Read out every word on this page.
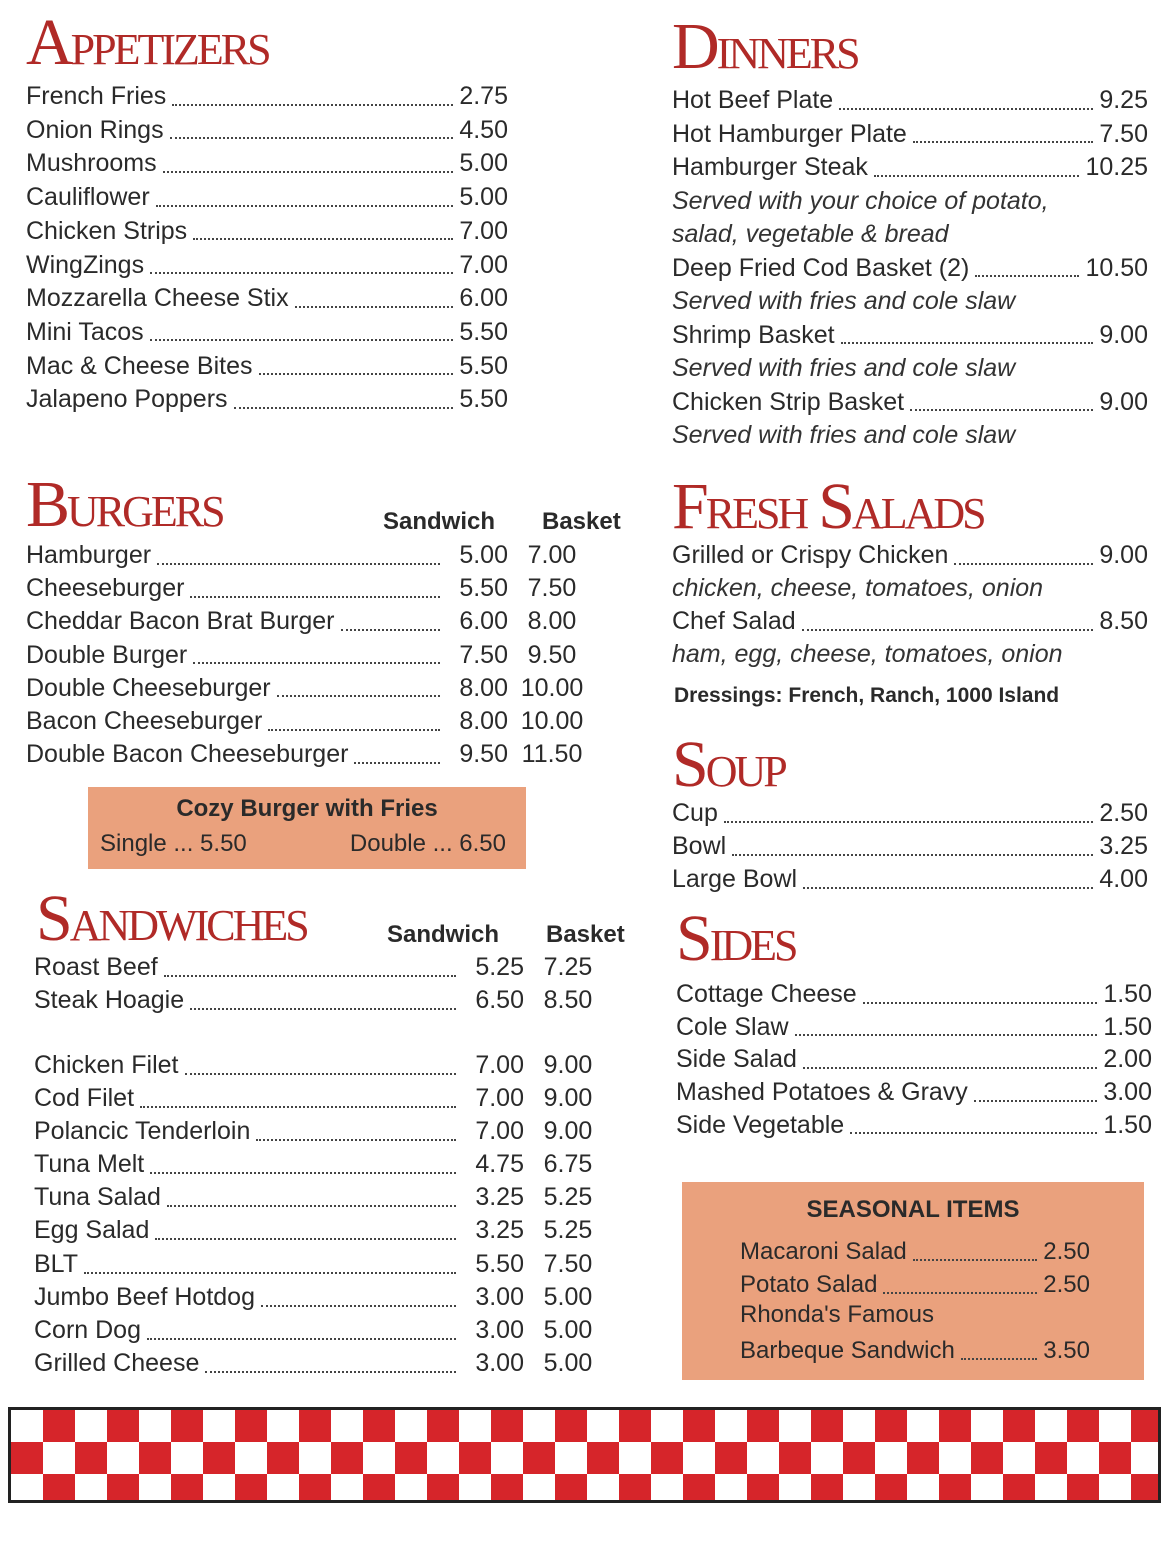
APPETIZERS
French Fries	2.75
Onion Rings	4.50
Mushrooms	5.00
Cauliflower	5.00
Chicken Strips	7.00
WingZings	7.00
Mozzarella Cheese Stix	6.00
Mini Tacos	5.50
Mac & Cheese Bites	5.50
Jalapeno Poppers	5.50
BURGERS	Sandwich Basket
Hamburger	5.00 7.00
Cheeseburger	5.50 7.50
Cheddar Bacon Brat Burger	6.00 8.00
Double Burger	7.50 9.50
Double Cheeseburger	8.00 10.00
Bacon Cheeseburger	8.00 10.00
Double Bacon Cheeseburger	9.50 11.50
Cozy Burger with Fries
Single ... 5.50	Double ... 6.50
SANDWICHES	Sandwich Basket
Roast Beef	5.25 7.25
Steak Hoagie	6.50 8.50
Chicken Filet	7.00 9.00
Cod Filet	7.00 9.00
Polancic Tenderloin	7.00 9.00
Tuna Melt	4.75 6.75
Tuna Salad	3.25 5.25
Egg Salad	3.25 5.25
BLT	5.50 7.50
Jumbo Beef Hotdog	3.00 5.00
Corn Dog	3.00 5.00
Grilled Cheese	3.00 5.00
DINNERS
Hot Beef Plate	9.25
Hot Hamburger Plate	7.50
Hamburger Steak	10.25
Served with your choice of potato,
salad, vegetable & bread
Deep Fried Cod Basket (2)	10.50
Served with fries and cole slaw
Shrimp Basket	9.00
Served with fries and cole slaw
Chicken Strip Basket	9.00
Served with fries and cole slaw
FRESH SALADS
Grilled or Crispy Chicken	9.00
chicken, cheese, tomatoes, onion
Chef Salad	8.50
ham, egg, cheese, tomatoes, onion
Dressings: French, Ranch, 1000 Island
SOUP
Cup	2.50
Bowl	3.25
Large Bowl	4.00
SIDES
Cottage Cheese	1.50
Cole Slaw	1.50
Side Salad	2.00
Mashed Potatoes & Gravy	3.00
Side Vegetable	1.50
SEASONAL ITEMS
Macaroni Salad	2.50
Potato Salad	2.50
Rhonda's Famous
Barbeque Sandwich	3.50
